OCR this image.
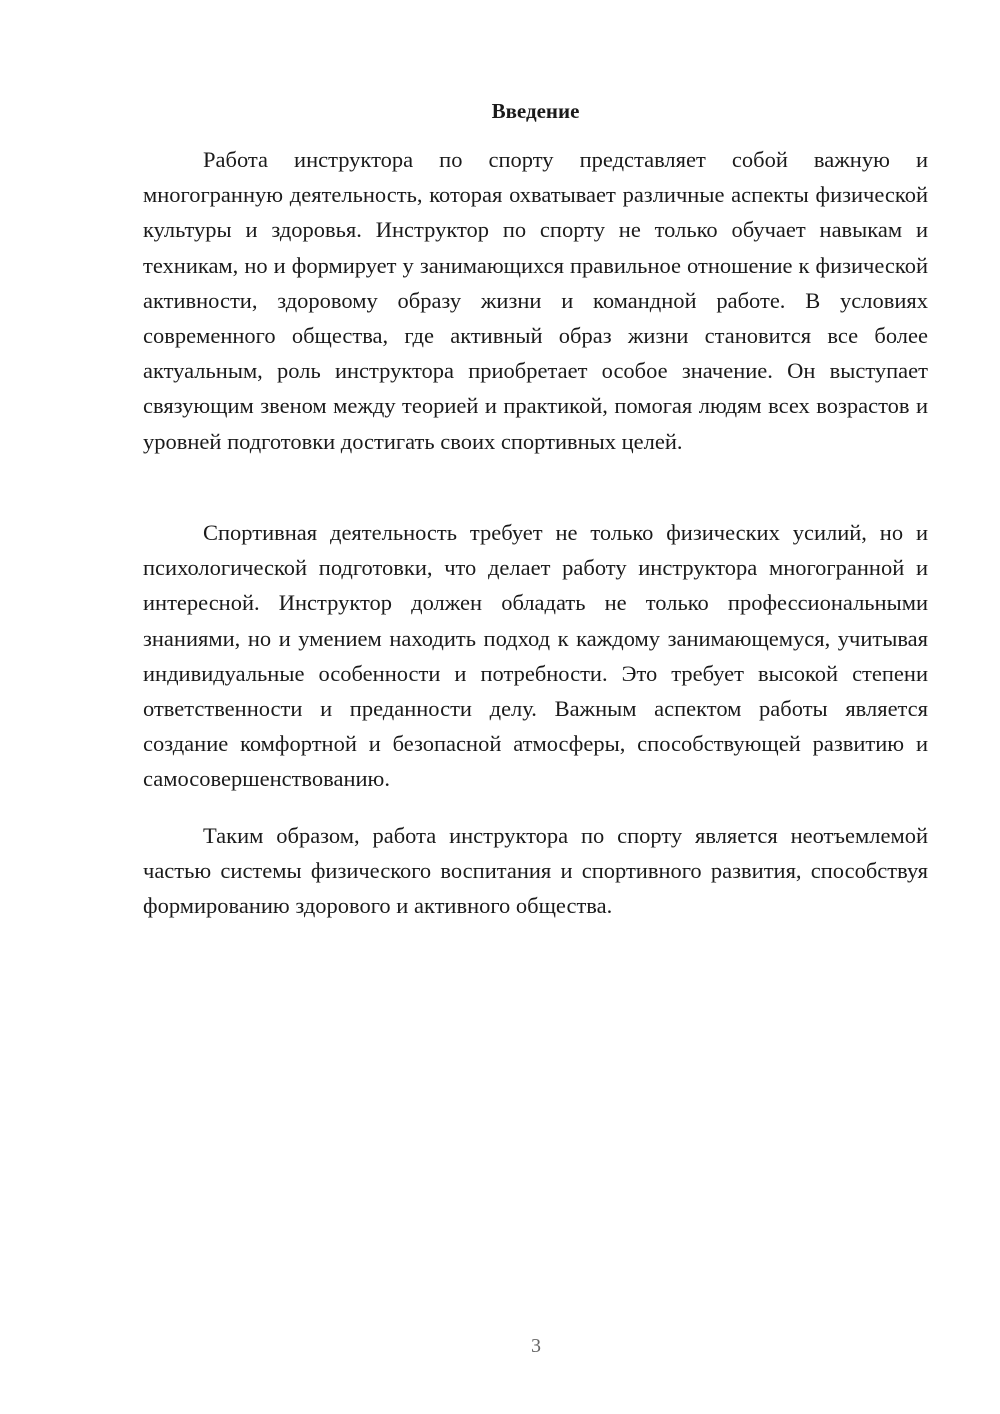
Введение

Работа инструктора по спорту представляет собой важную и многогранную деятельность, которая охватывает различные аспекты физической культуры и здоровья. Инструктор по спорту не только обучает навыкам и техникам, но и формирует у занимающихся правильное отношение к физической активности, здоровому образу жизни и командной работе. В условиях современного общества, где активный образ жизни становится все более актуальным, роль инструктора приобретает особое значение. Он выступает связующим звеном между теорией и практикой, помогая людям всех возрастов и уровней подготовки достигать своих спортивных целей.

Спортивная деятельность требует не только физических усилий, но и психологической подготовки, что делает работу инструктора многогранной и интересной. Инструктор должен обладать не только профессиональными знаниями, но и умением находить подход к каждому занимающемуся, учитывая индивидуальные особенности и потребности. Это требует высокой степени ответственности и преданности делу. Важным аспектом работы является создание комфортной и безопасной атмосферы, способствующей развитию и самосовершенствованию.

Таким образом, работа инструктора по спорту является неотъемлемой частью системы физического воспитания и спортивного развития, способствуя формированию здорового и активного общества.

3
